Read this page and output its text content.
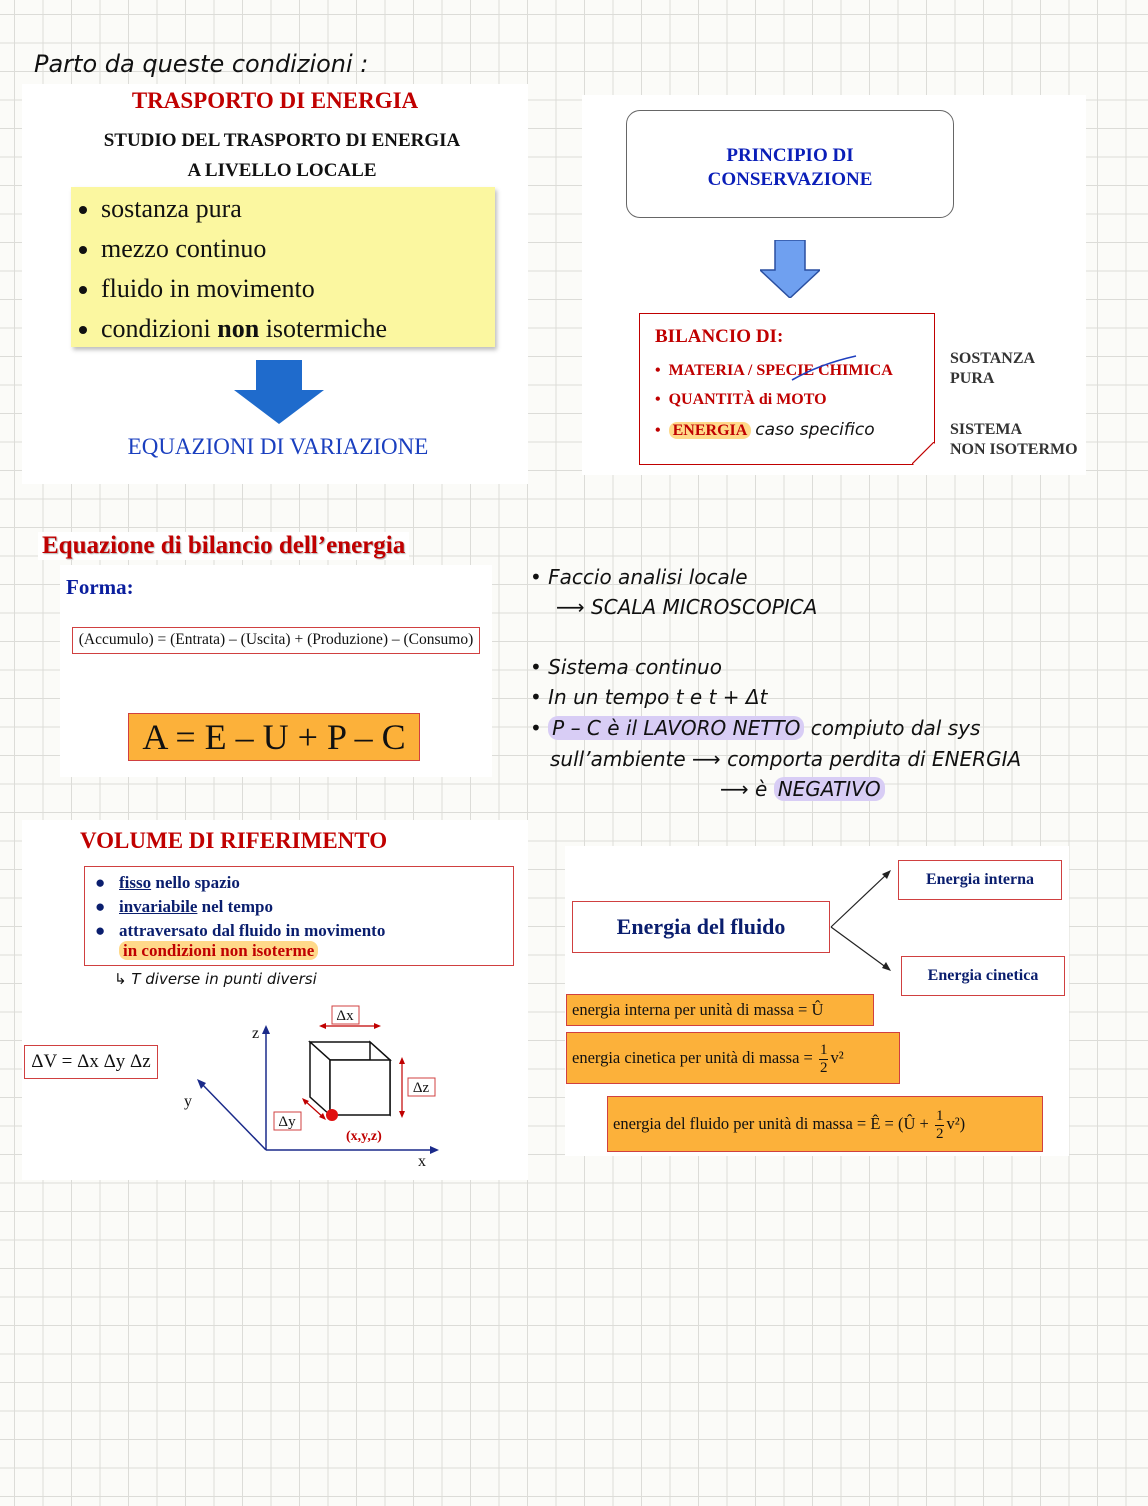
Parto da queste condizioni :
TRASPORTO DI ENERGIA
STUDIO DEL TRASPORTO DI ENERGIA
A LIVELLO LOCALE
• sostanza pura
• mezzo continuo
• fluido in movimento
• condizioni non isotermiche
EQUAZIONI DI VARIAZIONE
PRINCIPIO DI
CONSERVAZIONE
BILANCIO DI:
•  MATERIA / SPECIE CHIMICA
•  QUANTITÀ di MOTO
•  ENERGIA caso specifico
SOSTANZA
PURA
SISTEMA
NON ISOTERMO
Equazione di bilancio dell’energia
Forma:
(Accumulo) = (Entrata) – (Uscita) + (Produzione) – (Consumo)
A = E – U + P – C
• Faccio analisi locale
⟶ SCALA MICROSCOPICA
• Sistema continuo
• In un tempo t e t + Δt
• P – C è il LAVORO NETTO compiuto dal sys
sull’ambiente ⟶ comporta perdita di ENERGIA
⟶ è NEGATIVO
VOLUME DI RIFERIMENTO
● fisso nello spazio
● invariabile nel tempo
● attraversato dal fluido in movimento
in condizioni non isoterme
↳ T diverse in punti diversi
Δx
Δz
Δy
z
y
x
(x,y,z)
ΔV = Δx Δy Δz
Energia del fluido
Energia interna
Energia cinetica
energia interna per unità di massa = Û
energia cinetica per unità di massa = $\frac{1}{2} v^2$
energia del fluido per unità di massa = Ê = (Û + $\frac{1}{2} v^2$)
